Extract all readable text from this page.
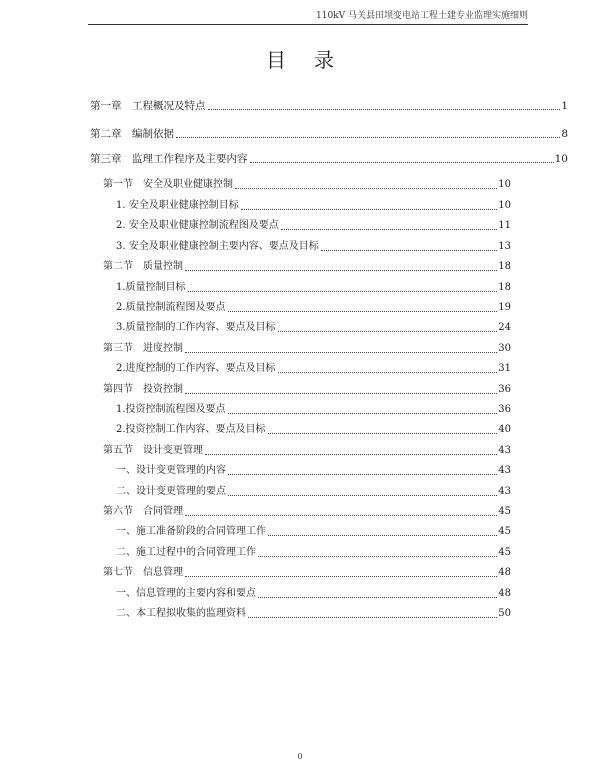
110kV 马关县田坝变电站工程土建专业监理实施细则
目录
第一章　工程概况及特点	1
第二章　编制依据	8
第三章　监理工作程序及主要内容	10
第一节　安全及职业健康控制	10
1. 安全及职业健康控制目标	10
2. 安全及职业健康控制流程图及要点	11
3. 安全及职业健康控制主要内容、要点及目标	13
第二节　质量控制	18
1.质量控制目标	18
2.质量控制流程图及要点	19
3.质量控制的工作内容、要点及目标	24
第三节　进度控制	30
2.进度控制的工作内容、要点及目标	31
第四节　投资控制	36
1.投资控制流程图及要点	36
2.投资控制工作内容、要点及目标	40
第五节　设计变更管理	43
一、设计变更管理的内容	43
二、设计变更管理的要点	43
第六节　合同管理	45
一、施工准备阶段的合同管理工作	45
二、施工过程中的合同管理工作	45
第七节　信息管理	48
一、信息管理的主要内容和要点	48
二、本工程拟收集的监理资料	50
0
